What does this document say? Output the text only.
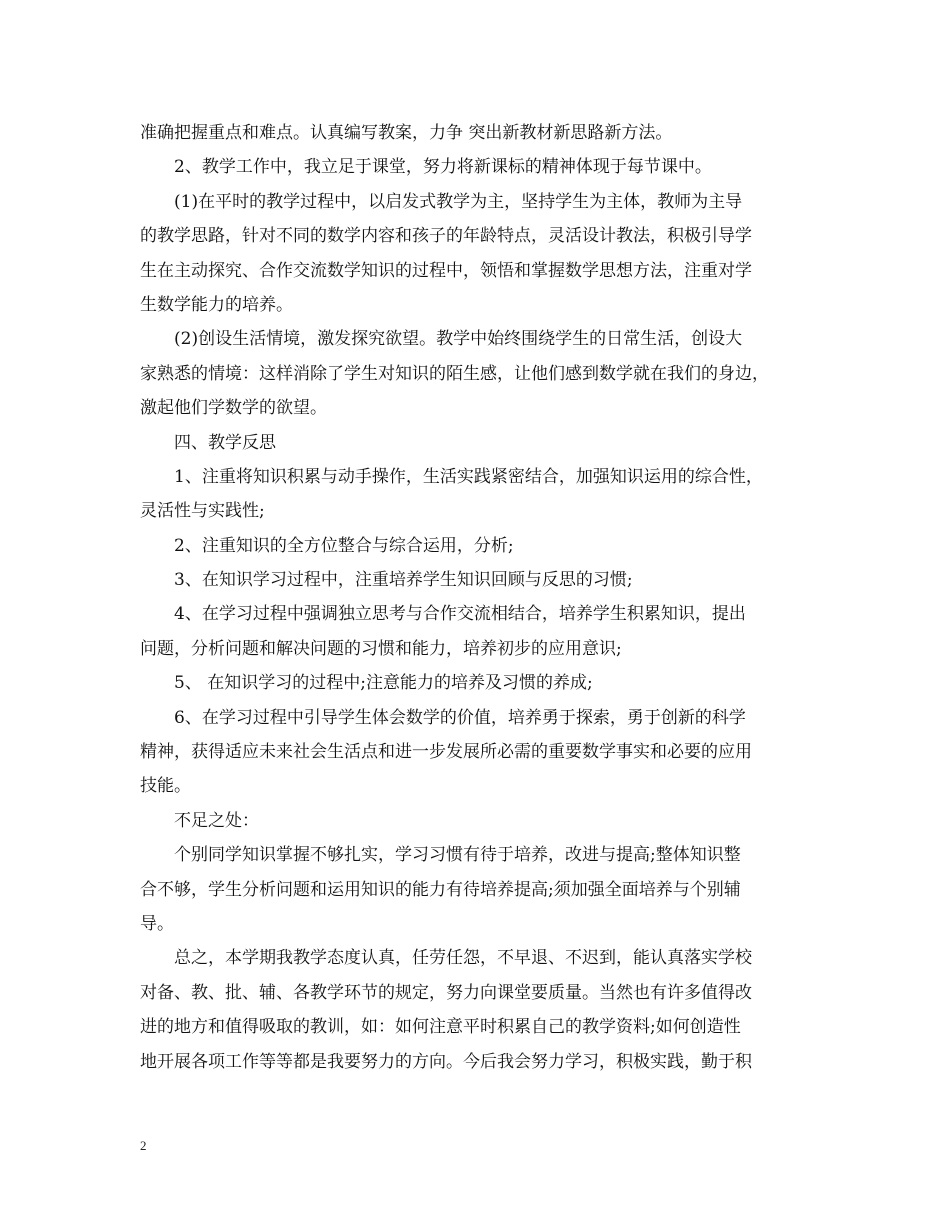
准确把握重点和难点。认真编写教案，力争 突出新教材新思路新方法。
2、教学工作中，我立足于课堂，努力将新课标的精神体现于每节课中。
(1)在平时的教学过程中，以启发式教学为主，坚持学生为主体，教师为主导
的教学思路，针对不同的数学内容和孩子的年龄特点，灵活设计教法，积极引导学
生在主动探究、合作交流数学知识的过程中，领悟和掌握数学思想方法，注重对学
生数学能力的培养。
(2)创设生活情境，激发探究欲望。教学中始终围绕学生的日常生活，创设大
家熟悉的情境：这样消除了学生对知识的陌生感，让他们感到数学就在我们的身边，
激起他们学数学的欲望。
四、教学反思
1、注重将知识积累与动手操作，生活实践紧密结合，加强知识运用的综合性，
灵活性与实践性;
2、注重知识的全方位整合与综合运用，分析;
3、在知识学习过程中，注重培养学生知识回顾与反思的习惯;
4、在学习过程中强调独立思考与合作交流相结合，培养学生积累知识，提出
问题，分析问题和解决问题的习惯和能力，培养初步的应用意识;
5、 在知识学习的过程中;注意能力的培养及习惯的养成;
6、在学习过程中引导学生体会数学的价值，培养勇于探索，勇于创新的科学
精神，获得适应未来社会生活点和进一步发展所必需的重要数学事实和必要的应用
技能。
不足之处：
个别同学知识掌握不够扎实，学习习惯有待于培养，改进与提高;整体知识整
合不够，学生分析问题和运用知识的能力有待培养提高;须加强全面培养与个别辅
导。
总之，本学期我教学态度认真，任劳任怨，不早退、不迟到，能认真落实学校
对备、教、批、辅、各教学环节的规定，努力向课堂要质量。当然也有许多值得改
进的地方和值得吸取的教训，如：如何注意平时积累自己的教学资料;如何创造性
地开展各项工作等等都是我要努力的方向。今后我会努力学习，积极实践，勤于积
2
